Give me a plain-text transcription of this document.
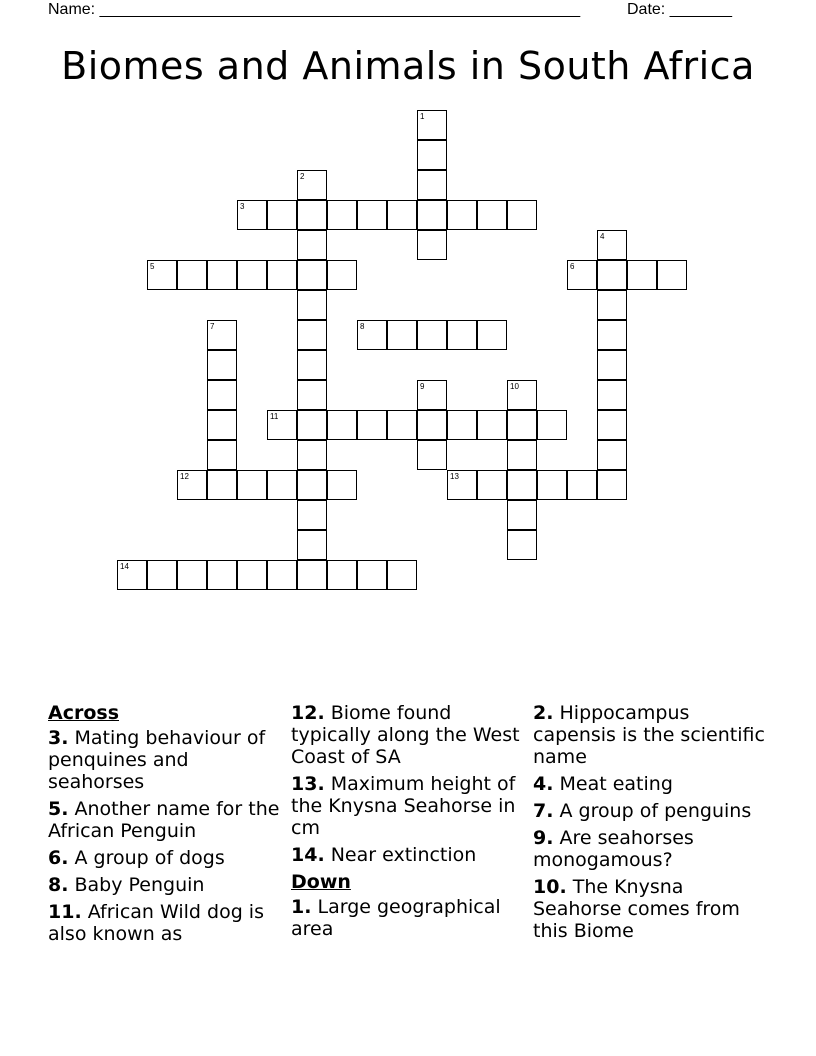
Name: ______________________________________________________	Date: _______
Biomes and Animals in South Africa
1
2
3
4
5	6
7	8
9	10
11
12	13
14
Across
3. Mating behaviour of penquines and seahorses
5. Another name for the African Penguin
6. A group of dogs
8. Baby Penguin
11. African Wild dog is also known as
12. Biome found typically along the West Coast of SA
13. Maximum height of the Knysna Seahorse in cm
14. Near extinction
Down
1. Large geographical area
2. Hippocampus capensis is the scientific name
4. Meat eating
7. A group of penguins
9. Are seahorses monogamous?
10. The Knysna Seahorse comes from this Biome
